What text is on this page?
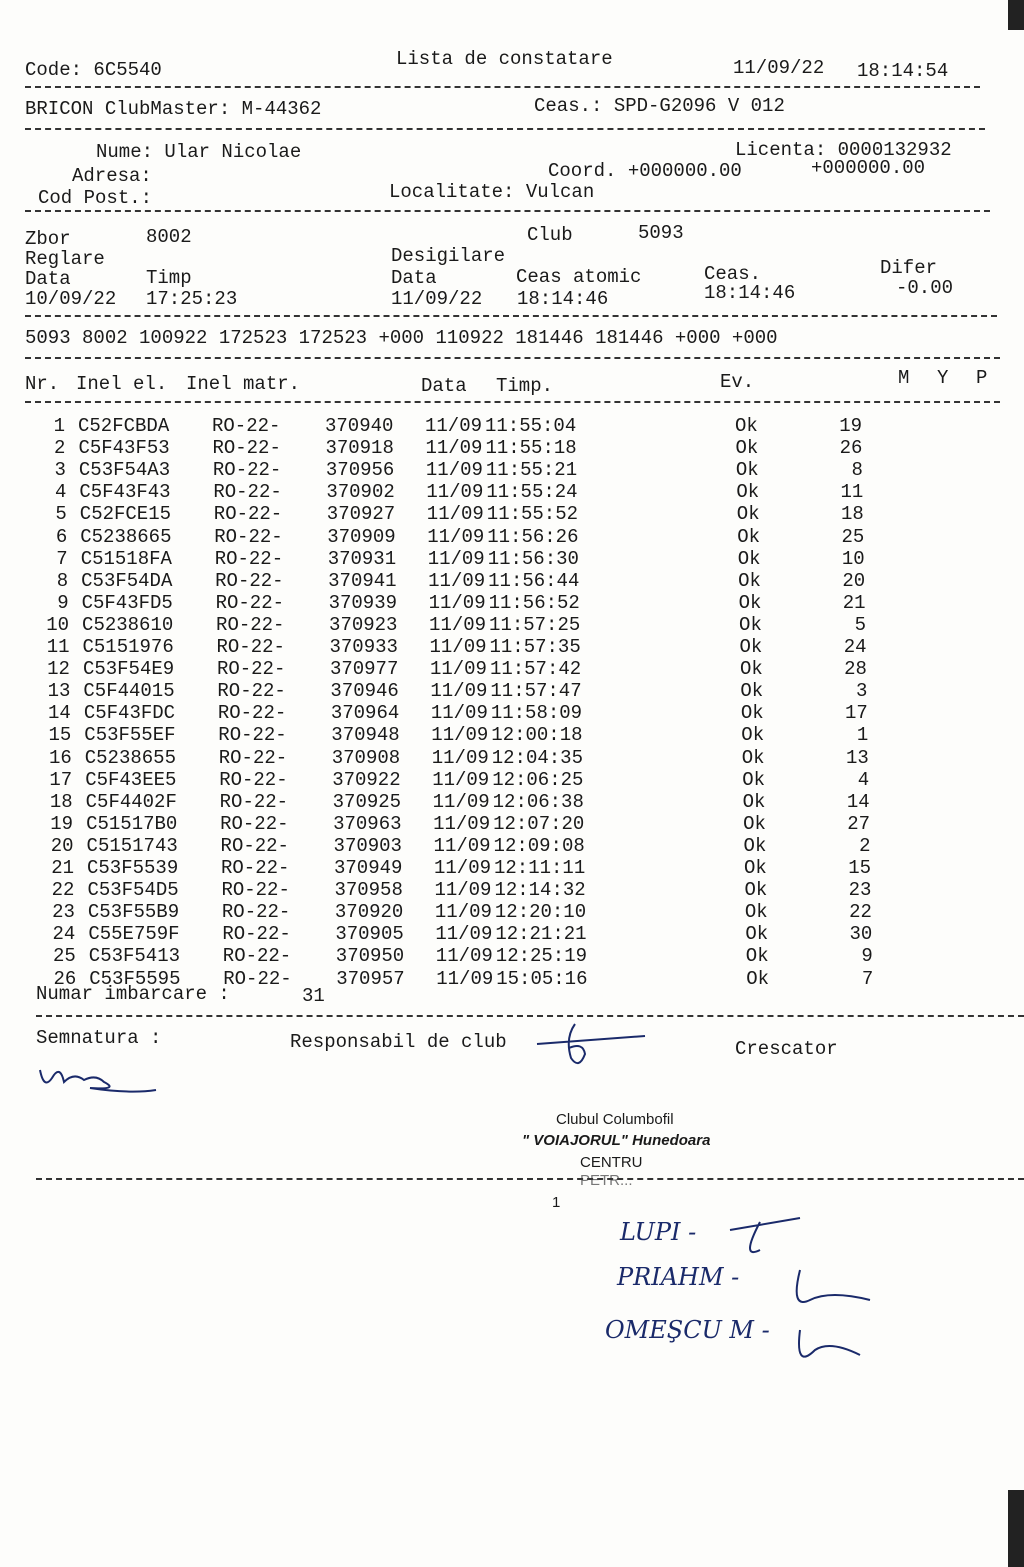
Code: 6C5540	Lista de constatare	11/09/22 18:14:54
BRICON ClubMaster: M-44362	Ceas.: SPD-G2096 V 012
Nume: Ular Nicolae
Adresa:
Cod Post.:
Licenta: 0000132932
Coord. +000000.00	+000000.00
Localitate: Vulcan
Zbor	8002	Club	5093
Reglare	Desigilare
Data	Timp	Data	Ceas atomic	Ceas.	Difer
10/09/22 17:25:23	11/09/22 18:14:46	18:14:46	-0.00
5093 8002 100922 172523 172523 +000 110922 181446 181446 +000 +000
Nr. Inel el. Inel matr.	Data Timp.	Ev.	M Y P
1 C52FCBDA RO-22- 370940 11/09 11:55:04	Ok	19
2 C5F43F53 RO-22- 370918 11/09 11:55:18	Ok	26
3 C53F54A3 RO-22- 370956 11/09 11:55:21	Ok	8
4 C5F43F43 RO-22- 370902 11/09 11:55:24	Ok	11
5 C52FCE15 RO-22- 370927 11/09 11:55:52	Ok	18
6 C5238665 RO-22- 370909 11/09 11:56:26	Ok	25
7 C51518FA RO-22- 370931 11/09 11:56:30	Ok	10
8 C53F54DA RO-22- 370941 11/09 11:56:44	Ok	20
9 C5F43FD5 RO-22- 370939 11/09 11:56:52	Ok	21
10 C5238610 RO-22- 370923 11/09 11:57:25	Ok	5
11 C5151976 RO-22- 370933 11/09 11:57:35	Ok	24
12 C53F54E9 RO-22- 370977 11/09 11:57:42	Ok	28
13 C5F44015 RO-22- 370946 11/09 11:57:47	Ok	3
14 C5F43FDC RO-22- 370964 11/09 11:58:09	Ok	17
15 C53F55EF RO-22- 370948 11/09 12:00:18	Ok	1
16 C5238655 RO-22- 370908 11/09 12:04:35	Ok	13
17 C5F43EE5 RO-22- 370922 11/09 12:06:25	Ok	4
18 C5F4402F RO-22- 370925 11/09 12:06:38	Ok	14
19 C51517B0 RO-22- 370963 11/09 12:07:20	Ok	27
20 C5151743 RO-22- 370903 11/09 12:09:08	Ok	2
21 C53F5539 RO-22- 370949 11/09 12:11:11	Ok	15
22 C53F54D5 RO-22- 370958 11/09 12:14:32	Ok	23
23 C53F55B9 RO-22- 370920 11/09 12:20:10	Ok	22
24 C55E759F RO-22- 370905 11/09 12:21:21	Ok	30
25 C53F5413 RO-22- 370950 11/09 12:25:19	Ok	9
26 C53F5595 RO-22- 370957 11/09 15:05:16	Ok	7
Numar imbarcare :	31
Semnatura :	Responsabil de club	Crescator
Clubul Columbofil
" VOIAJORUL" Hunedoara
CENTRU
PETR...
1
LUPI -
PRIAHM -
OMEŞCU M -
